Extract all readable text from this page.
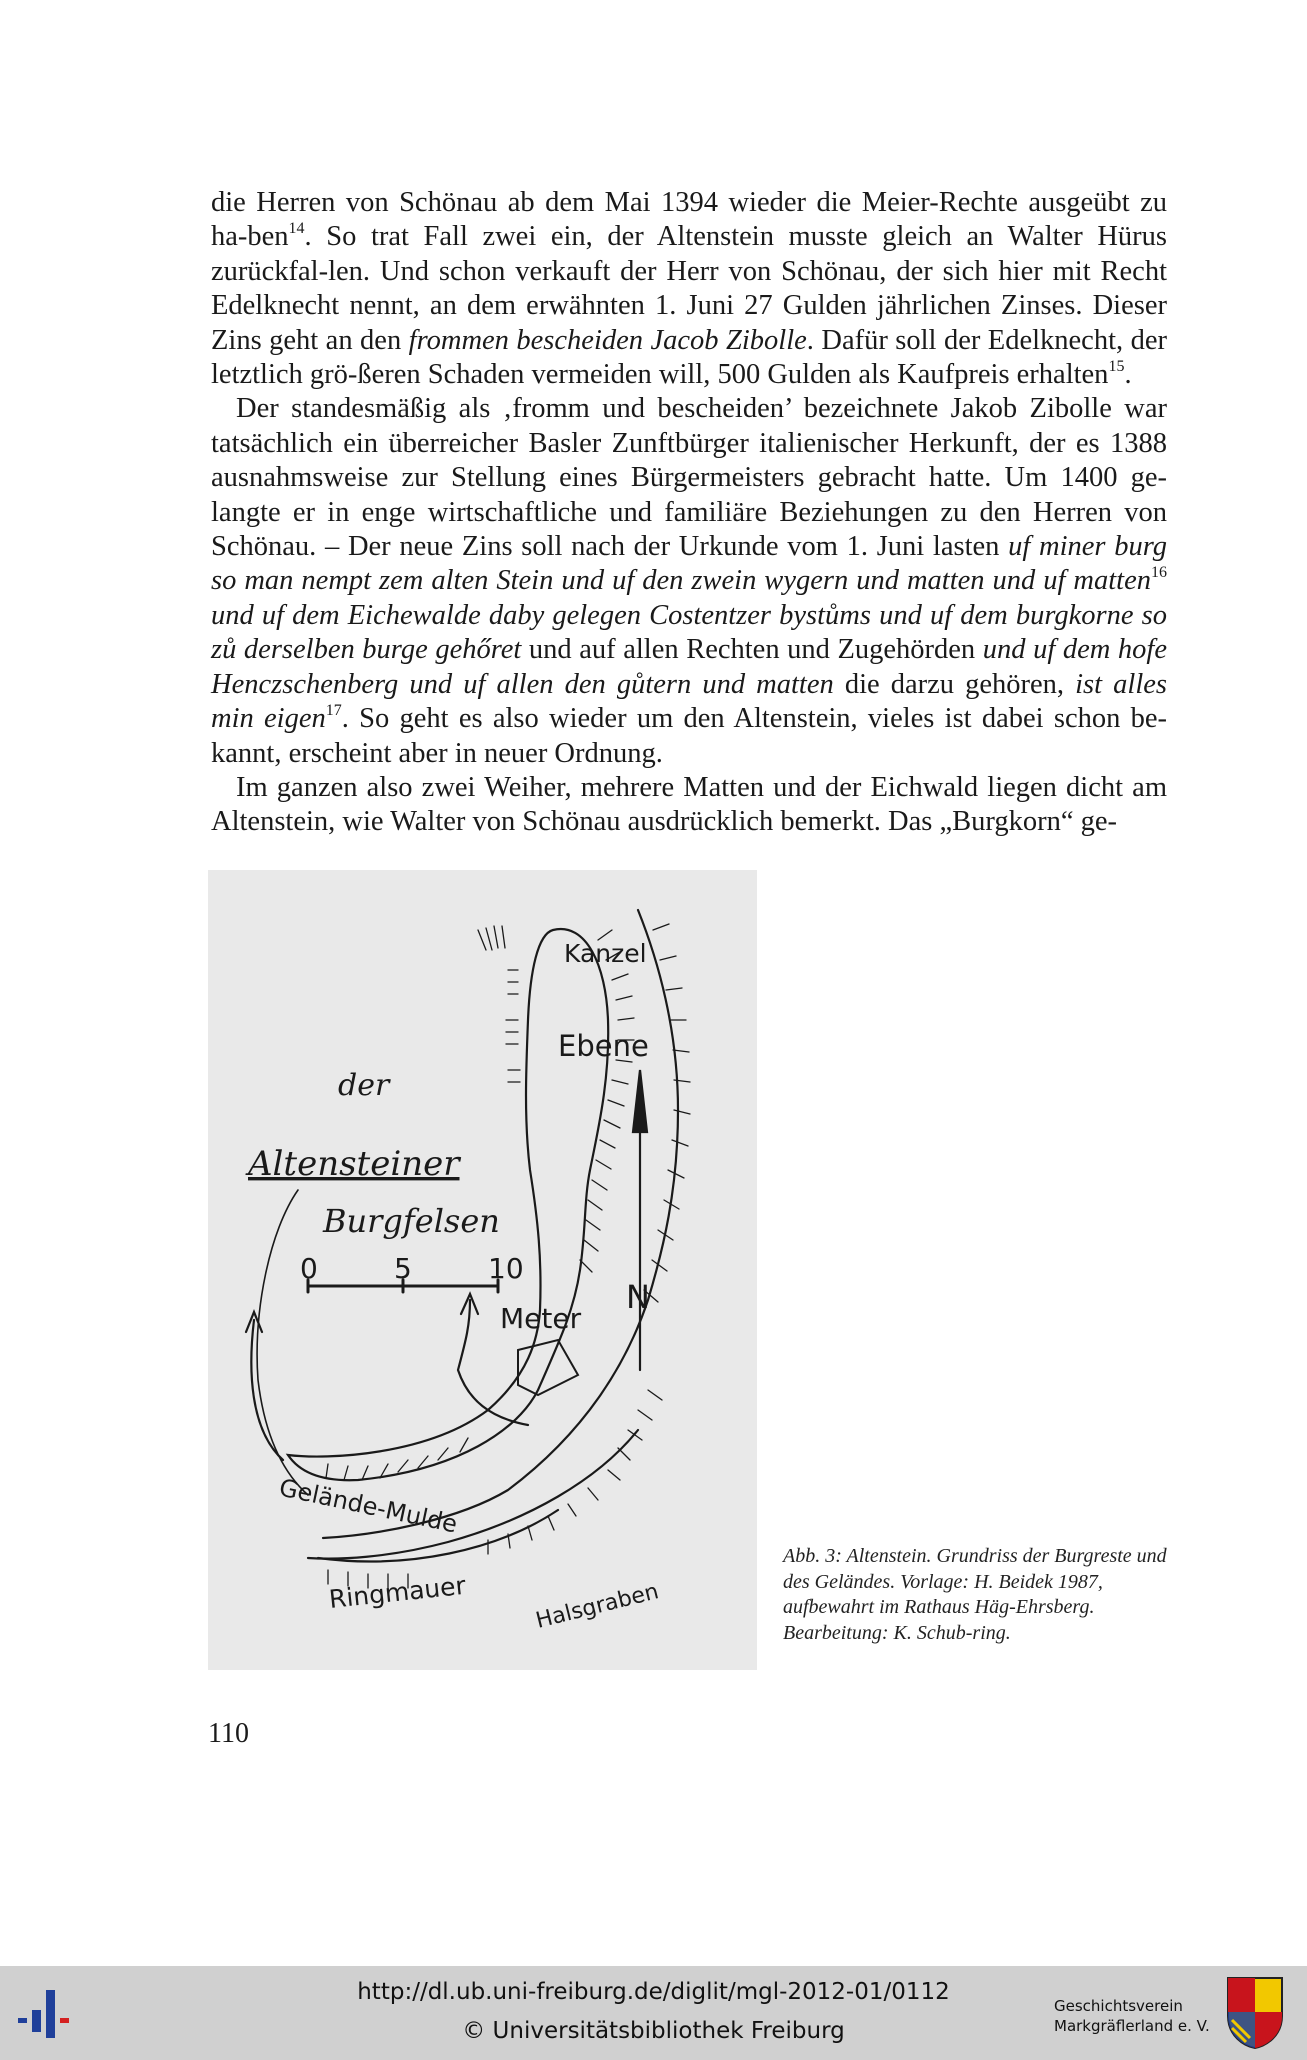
die Herren von Schönau ab dem Mai 1394 wieder die Meier-Rechte ausgeübt zu ha-ben$^{14}$. So trat Fall zwei ein, der Altenstein musste gleich an Walter Hürus zurückfal-len. Und schon verkauft der Herr von Schönau, der sich hier mit Recht Edelknecht nennt, an dem erwähnten 1. Juni 27 Gulden jährlichen Zinses. Dieser Zins geht an den frommen bescheiden Jacob Zibolle. Dafür soll der Edelknecht, der letztlich grö-ßeren Schaden vermeiden will, 500 Gulden als Kaufpreis erhalten$^{15}$.

Der standesmäßig als ‚fromm und bescheiden’ bezeichnete Jakob Zibolle war tatsächlich ein überreicher Basler Zunftbürger italienischer Herkunft, der es 1388 ausnahmsweise zur Stellung eines Bürgermeisters gebracht hatte. Um 1400 ge-langte er in enge wirtschaftliche und familiäre Beziehungen zu den Herren von Schönau. – Der neue Zins soll nach der Urkunde vom 1. Juni lasten uf miner burg so man nempt zem alten Stein und uf den zwein wygern und matten und uf matten$^{16}$ und uf dem Eichewalde daby gelegen Costentzer bystůms und uf dem burgkorne so zů derselben burge gehőret und auf allen Rechten und Zugehörden und uf dem hofe Henczschenberg und uf allen den gůtern und matten die darzu gehören, ist alles min eigen$^{17}$. So geht es also wieder um den Altenstein, vieles ist dabei schon be-kannt, erscheint aber in neuer Ordnung.

Im ganzen also zwei Weiher, mehrere Matten und der Eichwald liegen dicht am Altenstein, wie Walter von Schönau ausdrücklich bemerkt. Das „Burgkorn“ ge-

Kanzel
Ebene
der
Altensteiner
Burgfelsen
0	5	10
Meter
N
Gelände-Mulde
Ringmauer	Halsgraben
Abb. 3: Altenstein. Grundriss der Burgreste und des Geländes. Vorlage: H. Beidek 1987, aufbewahrt im Rathaus Häg-Ehrsberg. Bearbeitung: K. Schub-ring.
110
http://dl.ub.uni-freiburg.de/diglit/mgl-2012-01/0112
© Universitätsbibliothek Freiburg
Geschichtsverein
Markgräflerland e. V.
